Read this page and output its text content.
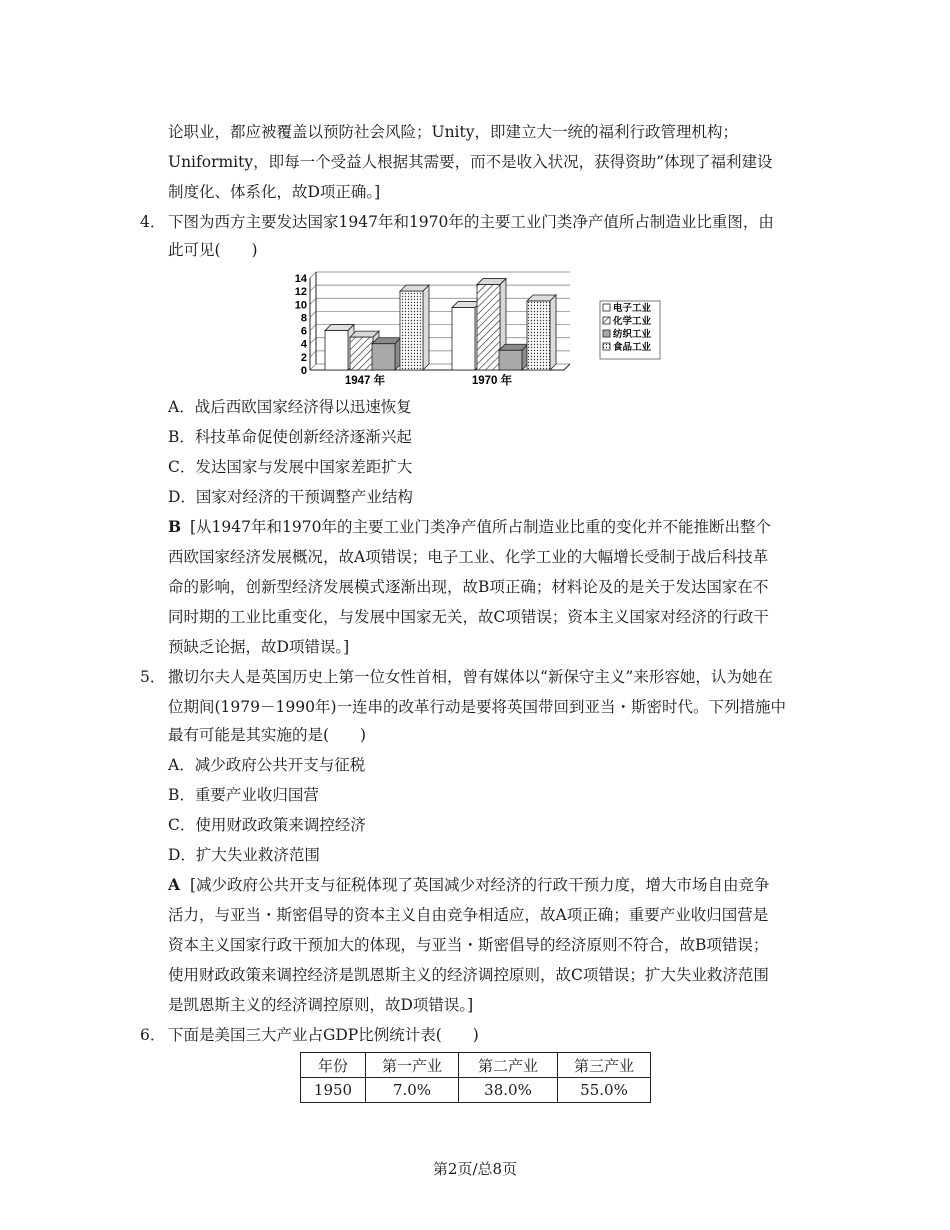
论职业，都应被覆盖以预防社会风险；Unity，即建立大一统的福利行政管理机构；
Uniformity，即每一个受益人根据其需要，而不是收入状况，获得资助”体现了福利建设
制度化、体系化，故D项正确。]
4． 下图为西方主要发达国家1947年和1970年的主要工业门类净产值所占制造业比重图，由
此可见(　　)
0
2
4
6
8
10
12
14
1947 年	1970 年
电子工业
化学工业
纺织工业
食品工业
A．战后西欧国家经济得以迅速恢复
B．科技革命促使创新经济逐渐兴起
C．发达国家与发展中国家差距扩大
D．国家对经济的干预调整产业结构
B [从1947年和1970年的主要工业门类净产值所占制造业比重的变化并不能推断出整个
西欧国家经济发展概况，故A项错误；电子工业、化学工业的大幅增长受制于战后科技革
命的影响，创新型经济发展模式逐渐出现，故B项正确；材料论及的是关于发达国家在不
同时期的工业比重变化，与发展中国家无关，故C项错误；资本主义国家对经济的行政干
预缺乏论据，故D项错误。]
5． 撒切尔夫人是英国历史上第一位女性首相，曾有媒体以“新保守主义”来形容她，认为她在
位期间(1979－1990年)一连串的改革行动是要将英国带回到亚当・斯密时代。下列措施中
最有可能是其实施的是(　　)
A．减少政府公共开支与征税
B．重要产业收归国营
C．使用财政政策来调控经济
D．扩大失业救济范围
A [减少政府公共开支与征税体现了英国减少对经济的行政干预力度，增大市场自由竞争
活力，与亚当・斯密倡导的资本主义自由竞争相适应，故A项正确；重要产业收归国营是
资本主义国家行政干预加大的体现，与亚当・斯密倡导的经济原则不符合，故B项错误；
使用财政政策来调控经济是凯恩斯主义的经济调控原则，故C项错误；扩大失业救济范围
是凯恩斯主义的经济调控原则，故D项错误。]
6． 下面是美国三大产业占GDP比例统计表(　　)
年份	第一产业	第二产业	第三产业
1950	7.0%	38.0%	55.0%
第2页/总8页
